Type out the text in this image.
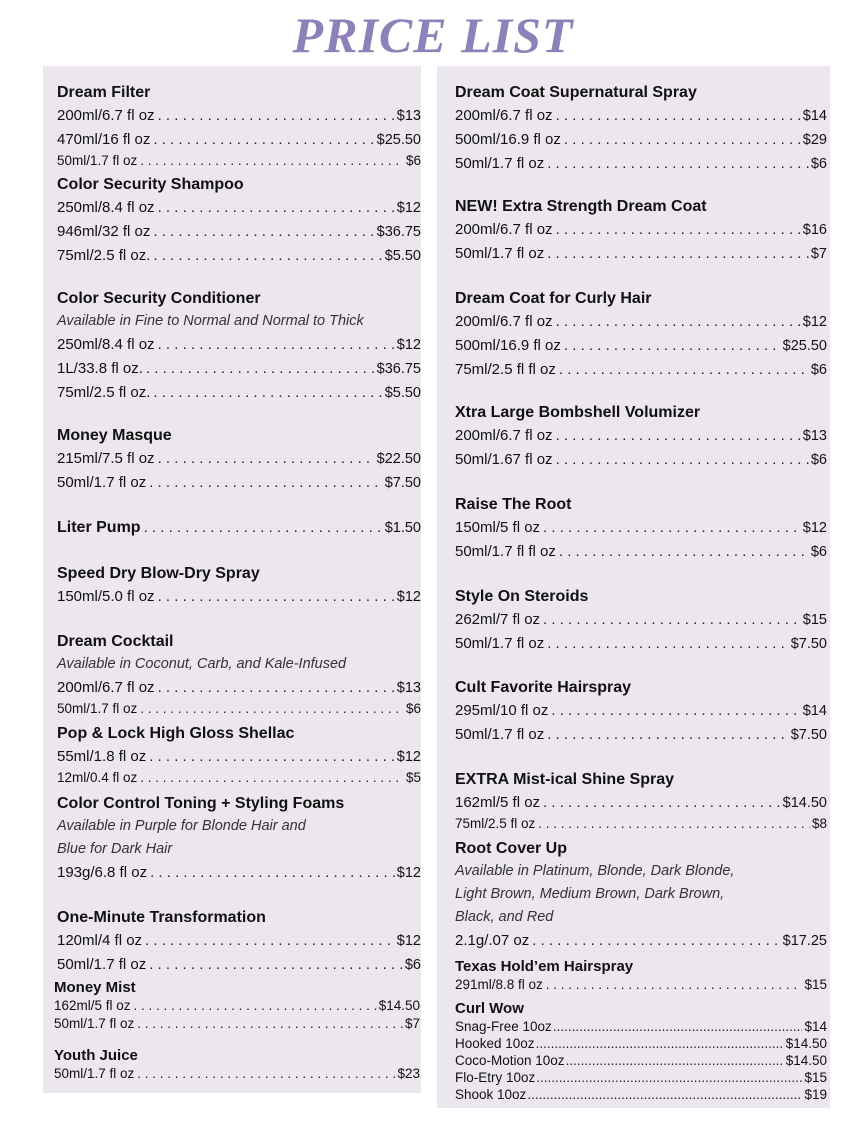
PRICE LIST
Dream Filter
200ml/6.7 fl oz . . .	$13
470ml/16 fl oz . . .	$25.50
50ml/1.7 fl oz . . .	$6
Color Security Shampoo
250ml/8.4 fl oz . . .	$12
946ml/32 fl oz . . .	$36.75
75ml/2.5 fl oz. . . .	$5.50
Color Security Conditioner
Available in Fine to Normal and Normal to Thick
250ml/8.4 fl oz . . .	$12
1L/33.8 fl oz. . . .	$36.75
75ml/2.5 fl oz. . . .	$5.50
Money Masque
215ml/7.5 fl oz . . .	$22.50
50ml/1.7 fl oz . . .	$7.50
Liter Pump . . .	$1.50
Speed Dry Blow-Dry Spray
150ml/5.0 fl oz . . .	$12
Dream Cocktail
Available in Coconut, Carb, and Kale-Infused
200ml/6.7 fl oz . . .	$13
50ml/1.7 fl oz . . .	$6
Pop & Lock High Gloss Shellac
55ml/1.8 fl oz . . .	$12
12ml/0.4 fl oz . . .	$5
Color Control Toning + Styling Foams
Available in Purple for Blonde Hair and
Blue for Dark Hair
193g/6.8 fl oz . . .	$12
One-Minute Transformation
120ml/4 fl oz . . .	$12
50ml/1.7 fl oz . . .	$6
Money Mist
162ml/5 fl oz . . .	$14.50
50ml/1.7 fl oz . . .	$7
Youth Juice
50ml/1.7 fl oz . . .	$23
Dream Coat Supernatural Spray
200ml/6.7 fl oz . . .	$14
500ml/16.9 fl oz . . .	$29
50ml/1.7 fl oz . . .	$6
NEW! Extra Strength Dream Coat
200ml/6.7 fl oz . . .	$16
50ml/1.7 fl oz . . .	$7
Dream Coat for Curly Hair
200ml/6.7 fl oz . . .	$12
500ml/16.9 fl oz . . .	$25.50
75ml/2.5 fl fl oz . . .	$6
Xtra Large Bombshell Volumizer
200ml/6.7 fl oz . . .	$13
50ml/1.67 fl oz . . .	$6
Raise The Root
150ml/5 fl oz . . .	$12
50ml/1.7 fl fl oz . . .	$6
Style On Steroids
262ml/7 fl oz . . .	$15
50ml/1.7 fl oz . . .	$7.50
Cult Favorite Hairspray
295ml/10 fl oz . . .	$14
50ml/1.7 fl oz . . .	$7.50
EXTRA Mist-ical Shine Spray
162ml/5 fl oz . . .	$14.50
75ml/2.5 fl oz . . .	$8
Root Cover Up
Available in Platinum, Blonde, Dark Blonde,
Light Brown, Medium Brown, Dark Brown,
Black, and Red
2.1g/.07 oz . . .	$17.25
Texas Hold’em Hairspray
291ml/8.8 fl oz . . .	$15
Curl Wow
Snag-Free 10oz .....	$14
Hooked 10oz .....	$14.50
Coco-Motion 10oz .....	$14.50
Flo-Etry 10oz .....	$15
Shook 10oz .....	$19
